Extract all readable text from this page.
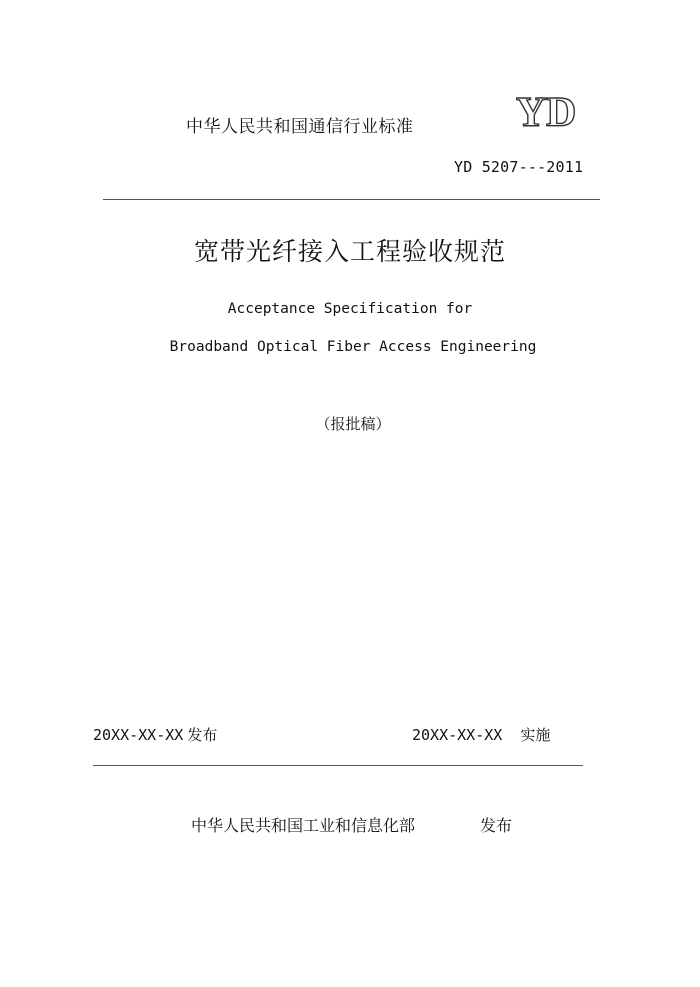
中华人民共和国通信行业标准 YD
YD 5207---2011
宽带光纤接入工程验收规范
Acceptance Specification for
Broadband Optical Fiber Access Engineering
（报批稿）
20XX-XX-XX 发布	20XX-XX-XX 实施
中华人民共和国工业和信息化部	发布
